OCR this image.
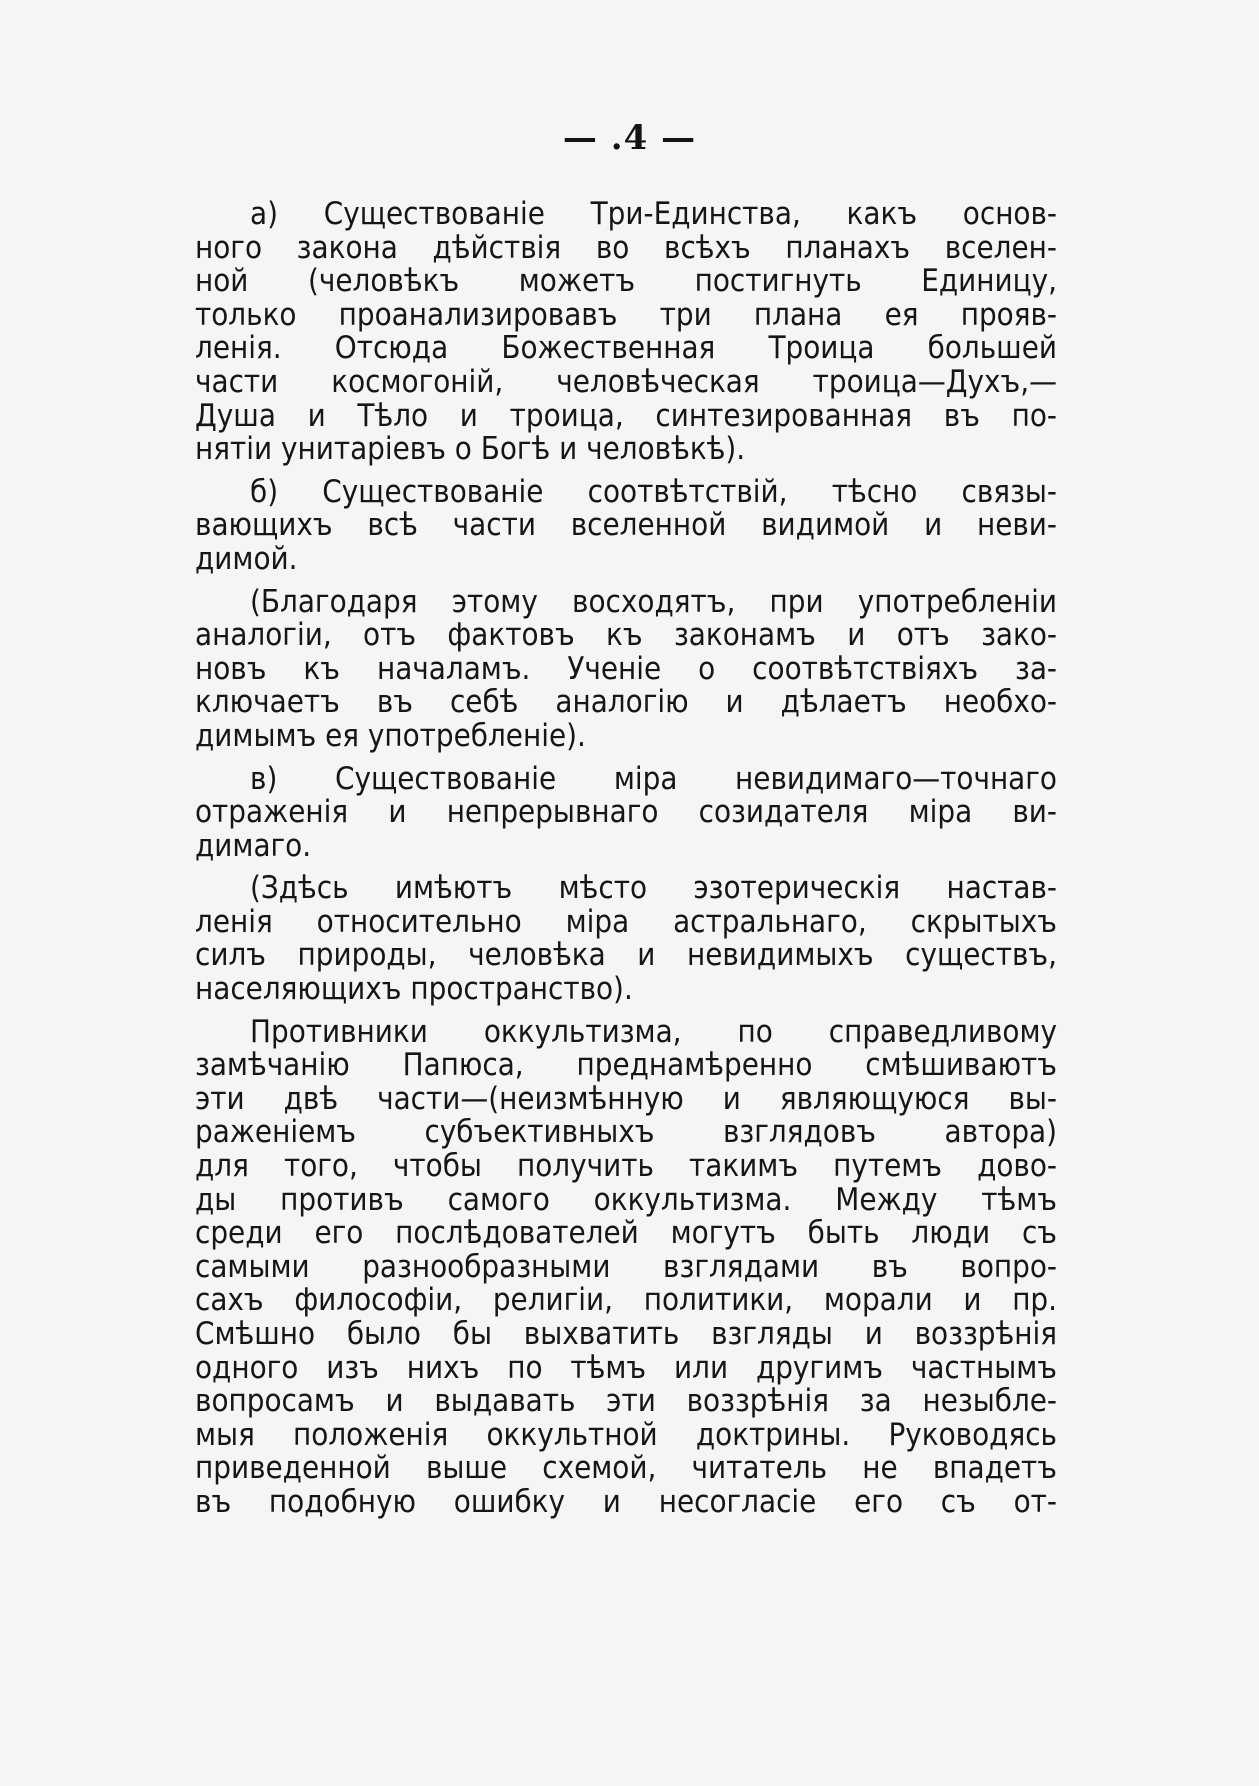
— .4 —
а) Существованіе Три-Единства, какъ основ-
ного закона дѣйствія во всѣхъ планахъ вселен-
ной (человѣкъ можетъ постигнуть Единицу,
только проанализировавъ три плана ея прояв-
ленія. Отсюда Божественная Троица большей
части космогоній, человѣческая троица—Духъ,—
Душа и Тѣло и троица, синтезированная въ по-
нятіи унитаріевъ о Богѣ и человѣкѣ).
б) Существованіе соотвѣтствій, тѣсно связы-
вающихъ всѣ части вселенной видимой и неви-
димой.
(Благодаря этому восходятъ, при употребленіи
аналогіи, отъ фактовъ къ законамъ и отъ зако-
новъ къ началамъ. Ученіе о соотвѣтствіяхъ за-
ключаетъ въ себѣ аналогію и дѣлаетъ необхо-
димымъ ея употребленіе).
в) Существованіе міра невидимаго—точнаго
отраженія и непрерывнаго созидателя міра ви-
димаго.
(Здѣсь имѣютъ мѣсто эзотерическія настав-
ленія относительно міра астральнаго, скрытыхъ
силъ природы, человѣка и невидимыхъ существъ,
населяющихъ пространство).
Противники оккультизма, по справедливому
замѣчанію Папюса, преднамѣренно смѣшиваютъ
эти двѣ части—(неизмѣнную и являющуюся вы-
раженіемъ субъективныхъ взглядовъ автора)
для того, чтобы получить такимъ путемъ дово-
ды противъ самого оккультизма. Между тѣмъ
среди его послѣдователей могутъ быть люди съ
самыми разнообразными взглядами въ вопро-
сахъ философіи, религіи, политики, морали и пр.
Смѣшно было бы выхватить взгляды и воззрѣнія
одного изъ нихъ по тѣмъ или другимъ частнымъ
вопросамъ и выдавать эти воззрѣнія за незыбле-
мыя положенія оккультной доктрины. Руководясь
приведенной выше схемой, читатель не впадетъ
въ подобную ошибку и несогласіе его съ от-
